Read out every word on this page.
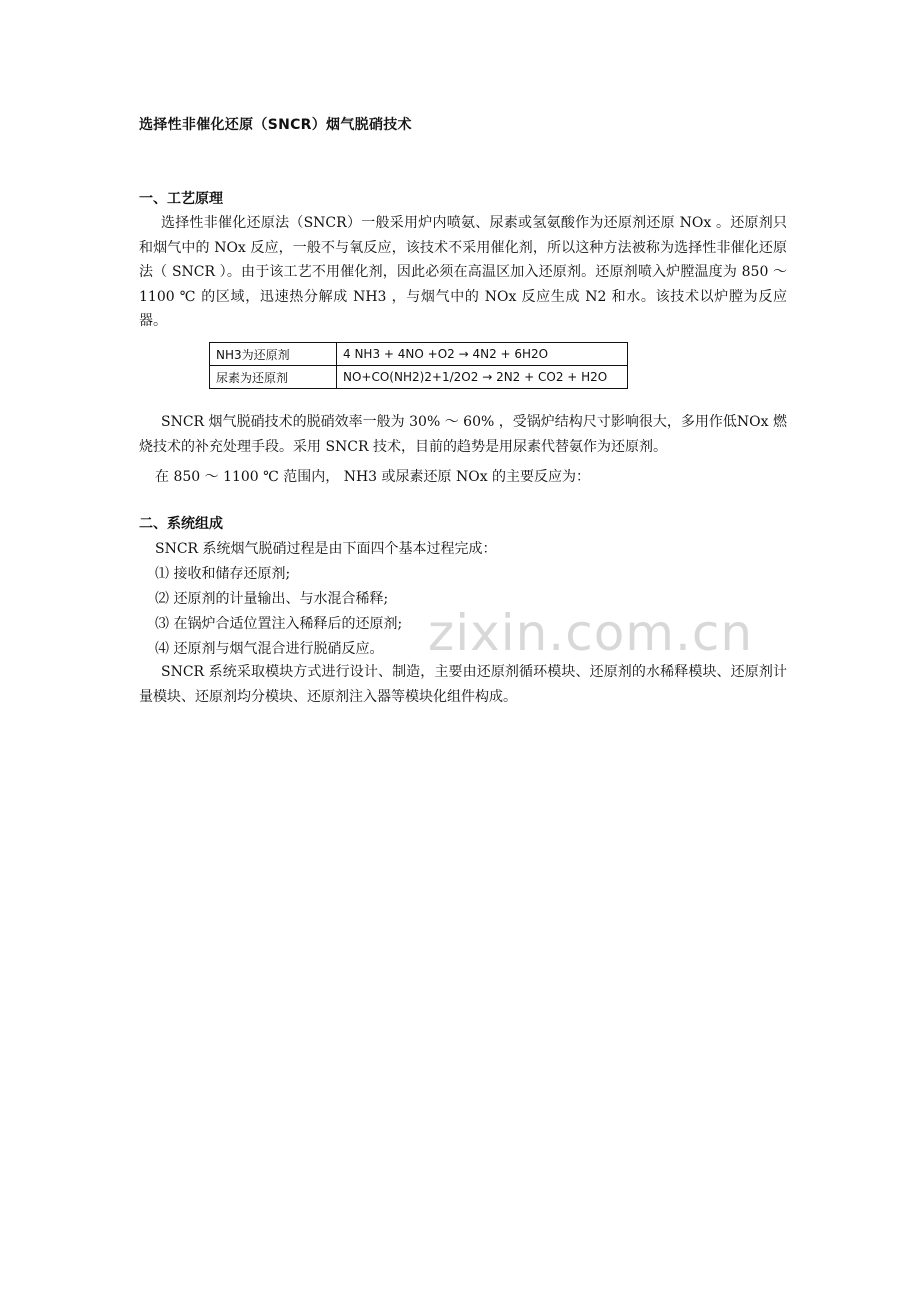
选择性非催化还原（SNCR）烟气脱硝技术
一、工艺原理
选择性非催化还原法（SNCR）一般采用炉内喷氨、尿素或氢氨酸作为还原剂还原 NOx 。还原剂只和烟气中的 NOx 反应，一般不与氧反应，该技术不采用催化剂，所以这种方法被称为选择性非催化还原法（ SNCR ）。由于该工艺不用催化剂，因此必须在高温区加入还原剂。还原剂喷入炉膛温度为 850 ～ 1100 ℃ 的区域，迅速热分解成 NH3 ，与烟气中的 NOx 反应生成 N2 和水。该技术以炉膛为反应器。
NH3为还原剂	4 NH3 + 4NO +O2 → 4N2 + 6H2O
尿素为还原剂	NO+CO(NH2)2+1/2O2 → 2N2 + CO2 + H2O
SNCR 烟气脱硝技术的脱硝效率一般为 30% ～ 60% ，受锅炉结构尺寸影响很大，多用作低NOx 燃烧技术的补充处理手段。采用 SNCR 技术，目前的趋势是用尿素代替氨作为还原剂。
在 850 ～ 1100 ℃ 范围内， NH3 或尿素还原 NOx 的主要反应为：
二、系统组成
SNCR 系统烟气脱硝过程是由下面四个基本过程完成：
⑴ 接收和储存还原剂;
⑵ 还原剂的计量输出、与水混合稀释;
⑶ 在锅炉合适位置注入稀释后的还原剂;
⑷ 还原剂与烟气混合进行脱硝反应。
SNCR 系统采取模块方式进行设计、制造，主要由还原剂循环模块、还原剂的水稀释模块、还原剂计量模块、还原剂均分模块、还原剂注入器等模块化组件构成。
zixin.com.cn
